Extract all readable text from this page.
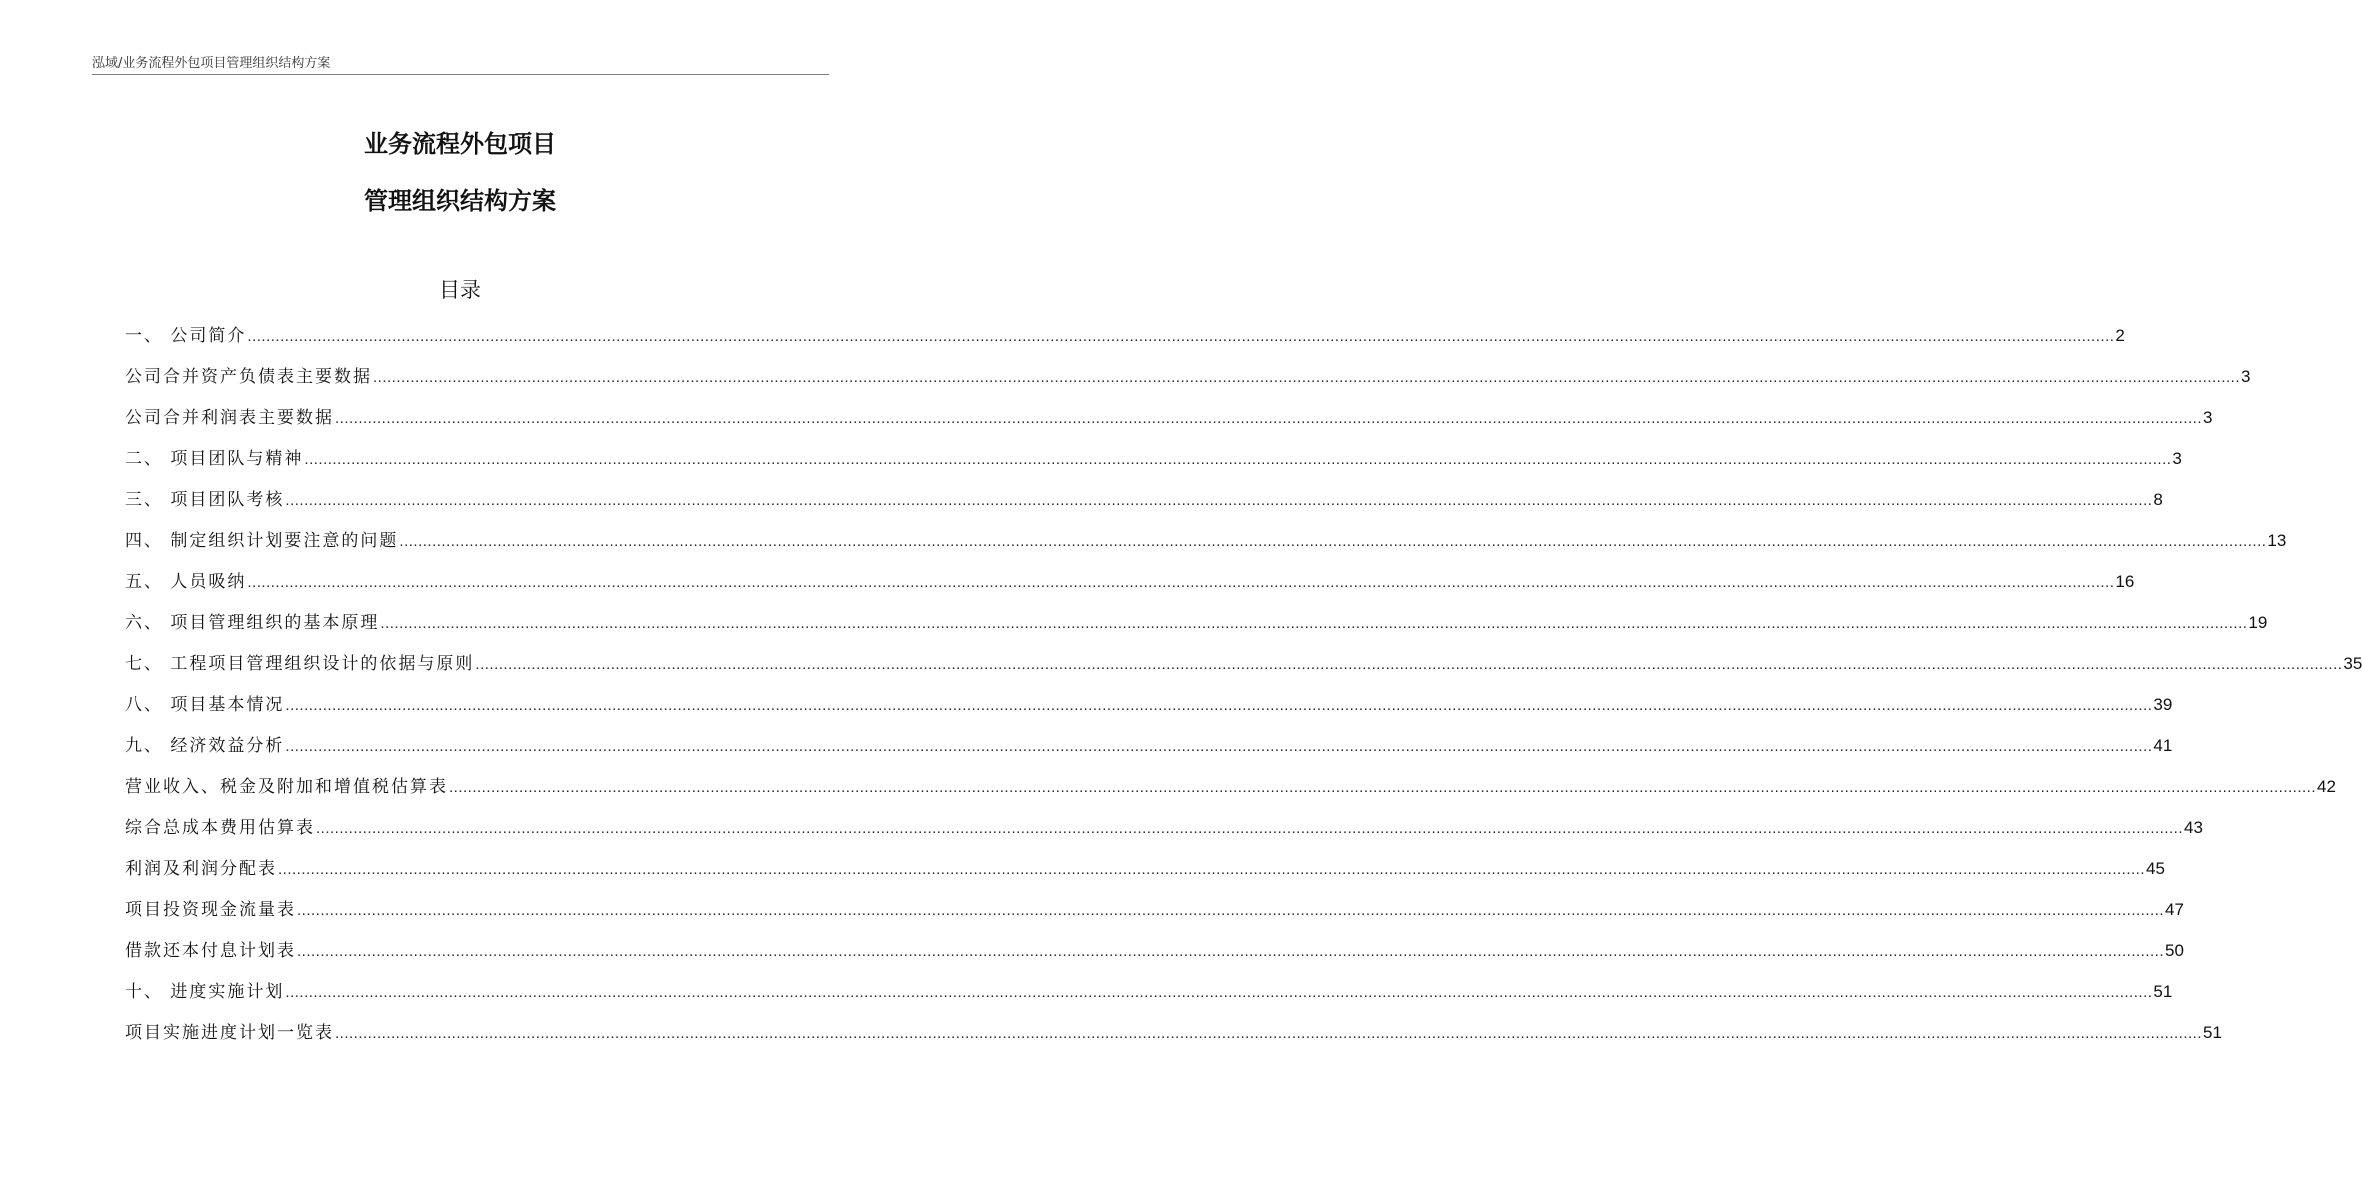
泓域/业务流程外包项目管理组织结构方案
业务流程外包项目
管理组织结构方案
目录
一、 公司简介 ................................................................................................................................................................................................................................................................................................................................................................................................................ 2
公司合并资产负债表主要数据 ................................................................................................................................................................................................................................................................................................................................................................................................................ 3
公司合并利润表主要数据 ................................................................................................................................................................................................................................................................................................................................................................................................................ 3
二、 项目团队与精神 ................................................................................................................................................................................................................................................................................................................................................................................................................ 3
三、 项目团队考核 ................................................................................................................................................................................................................................................................................................................................................................................................................ 8
四、 制定组织计划要注意的问题 ................................................................................................................................................................................................................................................................................................................................................................................................................ 13
五、 人员吸纳 ................................................................................................................................................................................................................................................................................................................................................................................................................ 16
六、 项目管理组织的基本原理 ................................................................................................................................................................................................................................................................................................................................................................................................................ 19
七、 工程项目管理组织设计的依据与原则 ................................................................................................................................................................................................................................................................................................................................................................................................................ 35
八、 项目基本情况 ................................................................................................................................................................................................................................................................................................................................................................................................................ 39
九、 经济效益分析 ................................................................................................................................................................................................................................................................................................................................................................................................................ 41
营业收入、税金及附加和增值税估算表 ................................................................................................................................................................................................................................................................................................................................................................................................................ 42
综合总成本费用估算表 ................................................................................................................................................................................................................................................................................................................................................................................................................ 43
利润及利润分配表 ................................................................................................................................................................................................................................................................................................................................................................................................................ 45
项目投资现金流量表 ................................................................................................................................................................................................................................................................................................................................................................................................................ 47
借款还本付息计划表 ................................................................................................................................................................................................................................................................................................................................................................................................................ 50
十、 进度实施计划 ................................................................................................................................................................................................................................................................................................................................................................................................................ 51
项目实施进度计划一览表 ................................................................................................................................................................................................................................................................................................................................................................................................................ 51
